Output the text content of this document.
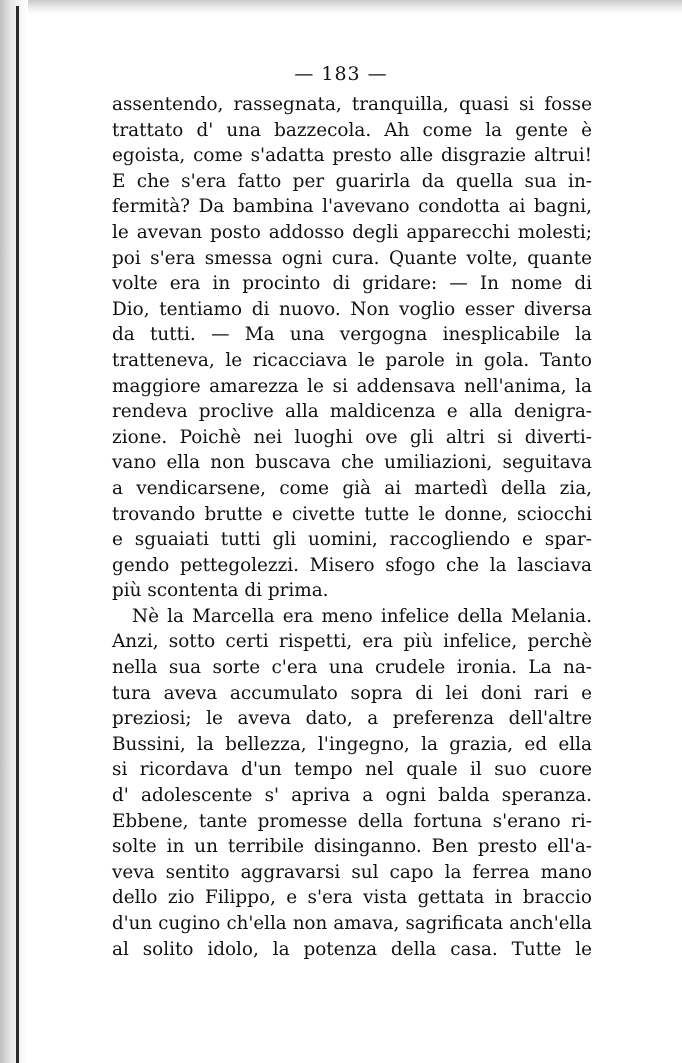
— 183 —
assentendo, rassegnata, tranquilla, quasi si fosse
trattato d' una bazzecola. Ah come la gente è
egoista, come s'adatta presto alle disgrazie altrui!
E che s'era fatto per guarirla da quella sua in-
fermità? Da bambina l'avevano condotta ai bagni,
le avevan posto addosso degli apparecchi molesti;
poi s'era smessa ogni cura. Quante volte, quante
volte era in procinto di gridare: — In nome di
Dio, tentiamo di nuovo. Non voglio esser diversa
da tutti. — Ma una vergogna inesplicabile la
tratteneva, le ricacciava le parole in gola. Tanto
maggiore amarezza le si addensava nell'anima, la
rendeva proclive alla maldicenza e alla denigra-
zione. Poichè nei luoghi ove gli altri si diverti-
vano ella non buscava che umiliazioni, seguitava
a vendicarsene, come già ai martedì della zia,
trovando brutte e civette tutte le donne, sciocchi
e sguaiati tutti gli uomini, raccogliendo e spar-
gendo pettegolezzi. Misero sfogo che la lasciava
più scontenta di prima.
Nè la Marcella era meno infelice della Melania.
Anzi, sotto certi rispetti, era più infelice, perchè
nella sua sorte c'era una crudele ironia. La na-
tura aveva accumulato sopra di lei doni rari e
preziosi; le aveva dato, a preferenza dell'altre
Bussini, la bellezza, l'ingegno, la grazia, ed ella
si ricordava d'un tempo nel quale il suo cuore
d' adolescente s' apriva a ogni balda speranza.
Ebbene, tante promesse della fortuna s'erano ri-
solte in un terribile disinganno. Ben presto ell'a-
veva sentito aggravarsi sul capo la ferrea mano
dello zio Filippo, e s'era vista gettata in braccio
d'un cugino ch'ella non amava, sagrificata anch'ella
al solito idolo, la potenza della casa. Tutte le
